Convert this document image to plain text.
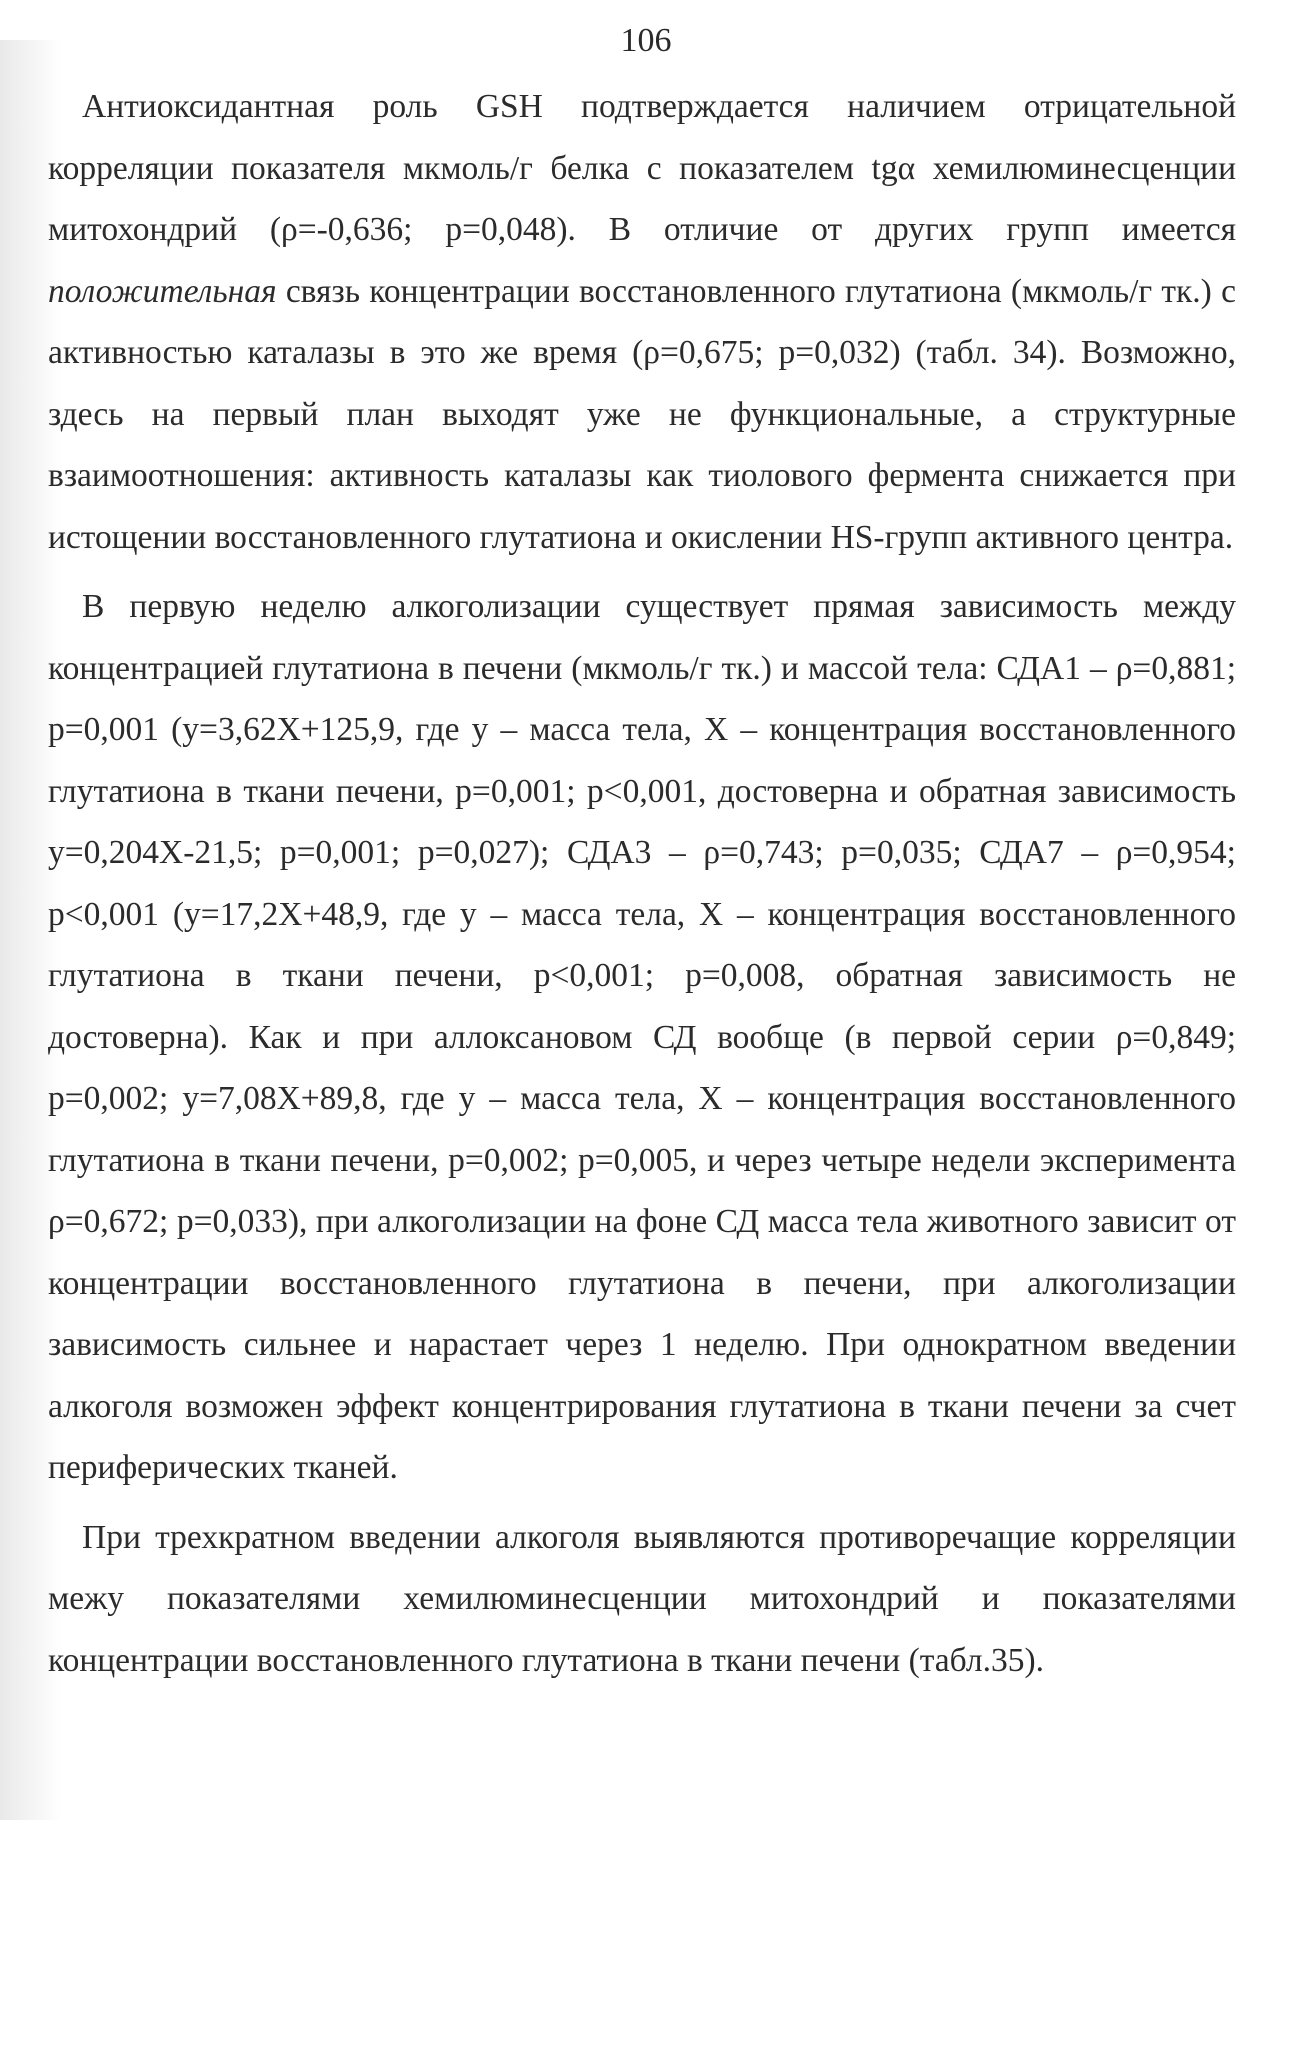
106

Антиоксидантная роль GSH подтверждается наличием отрицательной корреляции показателя мкмоль/г белка с показателем tgα хемилюминесценции митохондрий (ρ=-0,636; p=0,048). В отличие от других групп имеется положительная связь концентрации восстановленного глутатиона (мкмоль/г тк.) с активностью каталазы в это же время (ρ=0,675; p=0,032) (табл. 34). Возможно, здесь на первый план выходят уже не функциональные, а структурные взаимоотношения: активность каталазы как тиолового фермента снижается при истощении восстановленного глутатиона и окислении HS-групп активного центра.

В первую неделю алкоголизации существует прямая зависимость между концентрацией глутатиона в печени (мкмоль/г тк.) и массой тела: СДА1 – ρ=0,881; p=0,001 (y=3,62X+125,9, где у – масса тела, Х – концентрация восстановленного глутатиона в ткани печени, p=0,001; p<0,001, достоверна и обратная зависимость y=0,204X-21,5; p=0,001; p=0,027); СДА3 – ρ=0,743; p=0,035; СДА7 – ρ=0,954; p<0,001 (y=17,2X+48,9, где у – масса тела, Х – концентрация восстановленного глутатиона в ткани печени, p<0,001; p=0,008, обратная зависимость не достоверна). Как и при аллоксановом СД вообще (в первой серии ρ=0,849; p=0,002; y=7,08X+89,8, где у – масса тела, Х – концентрация восстановленного глутатиона в ткани печени, p=0,002; p=0,005, и через четыре недели эксперимента ρ=0,672; p=0,033), при алкоголизации на фоне СД масса тела животного зависит от концентрации восстановленного глутатиона в печени, при алкоголизации зависимость сильнее и нарастает через 1 неделю. При однократном введении алкоголя возможен эффект концентрирования глутатиона в ткани печени за счет периферических тканей.

При трехкратном введении алкоголя выявляются противоречащие корреляции межу показателями хемилюминесценции митохондрий и показателями концентрации восстановленного глутатиона в ткани печени (табл.35).
